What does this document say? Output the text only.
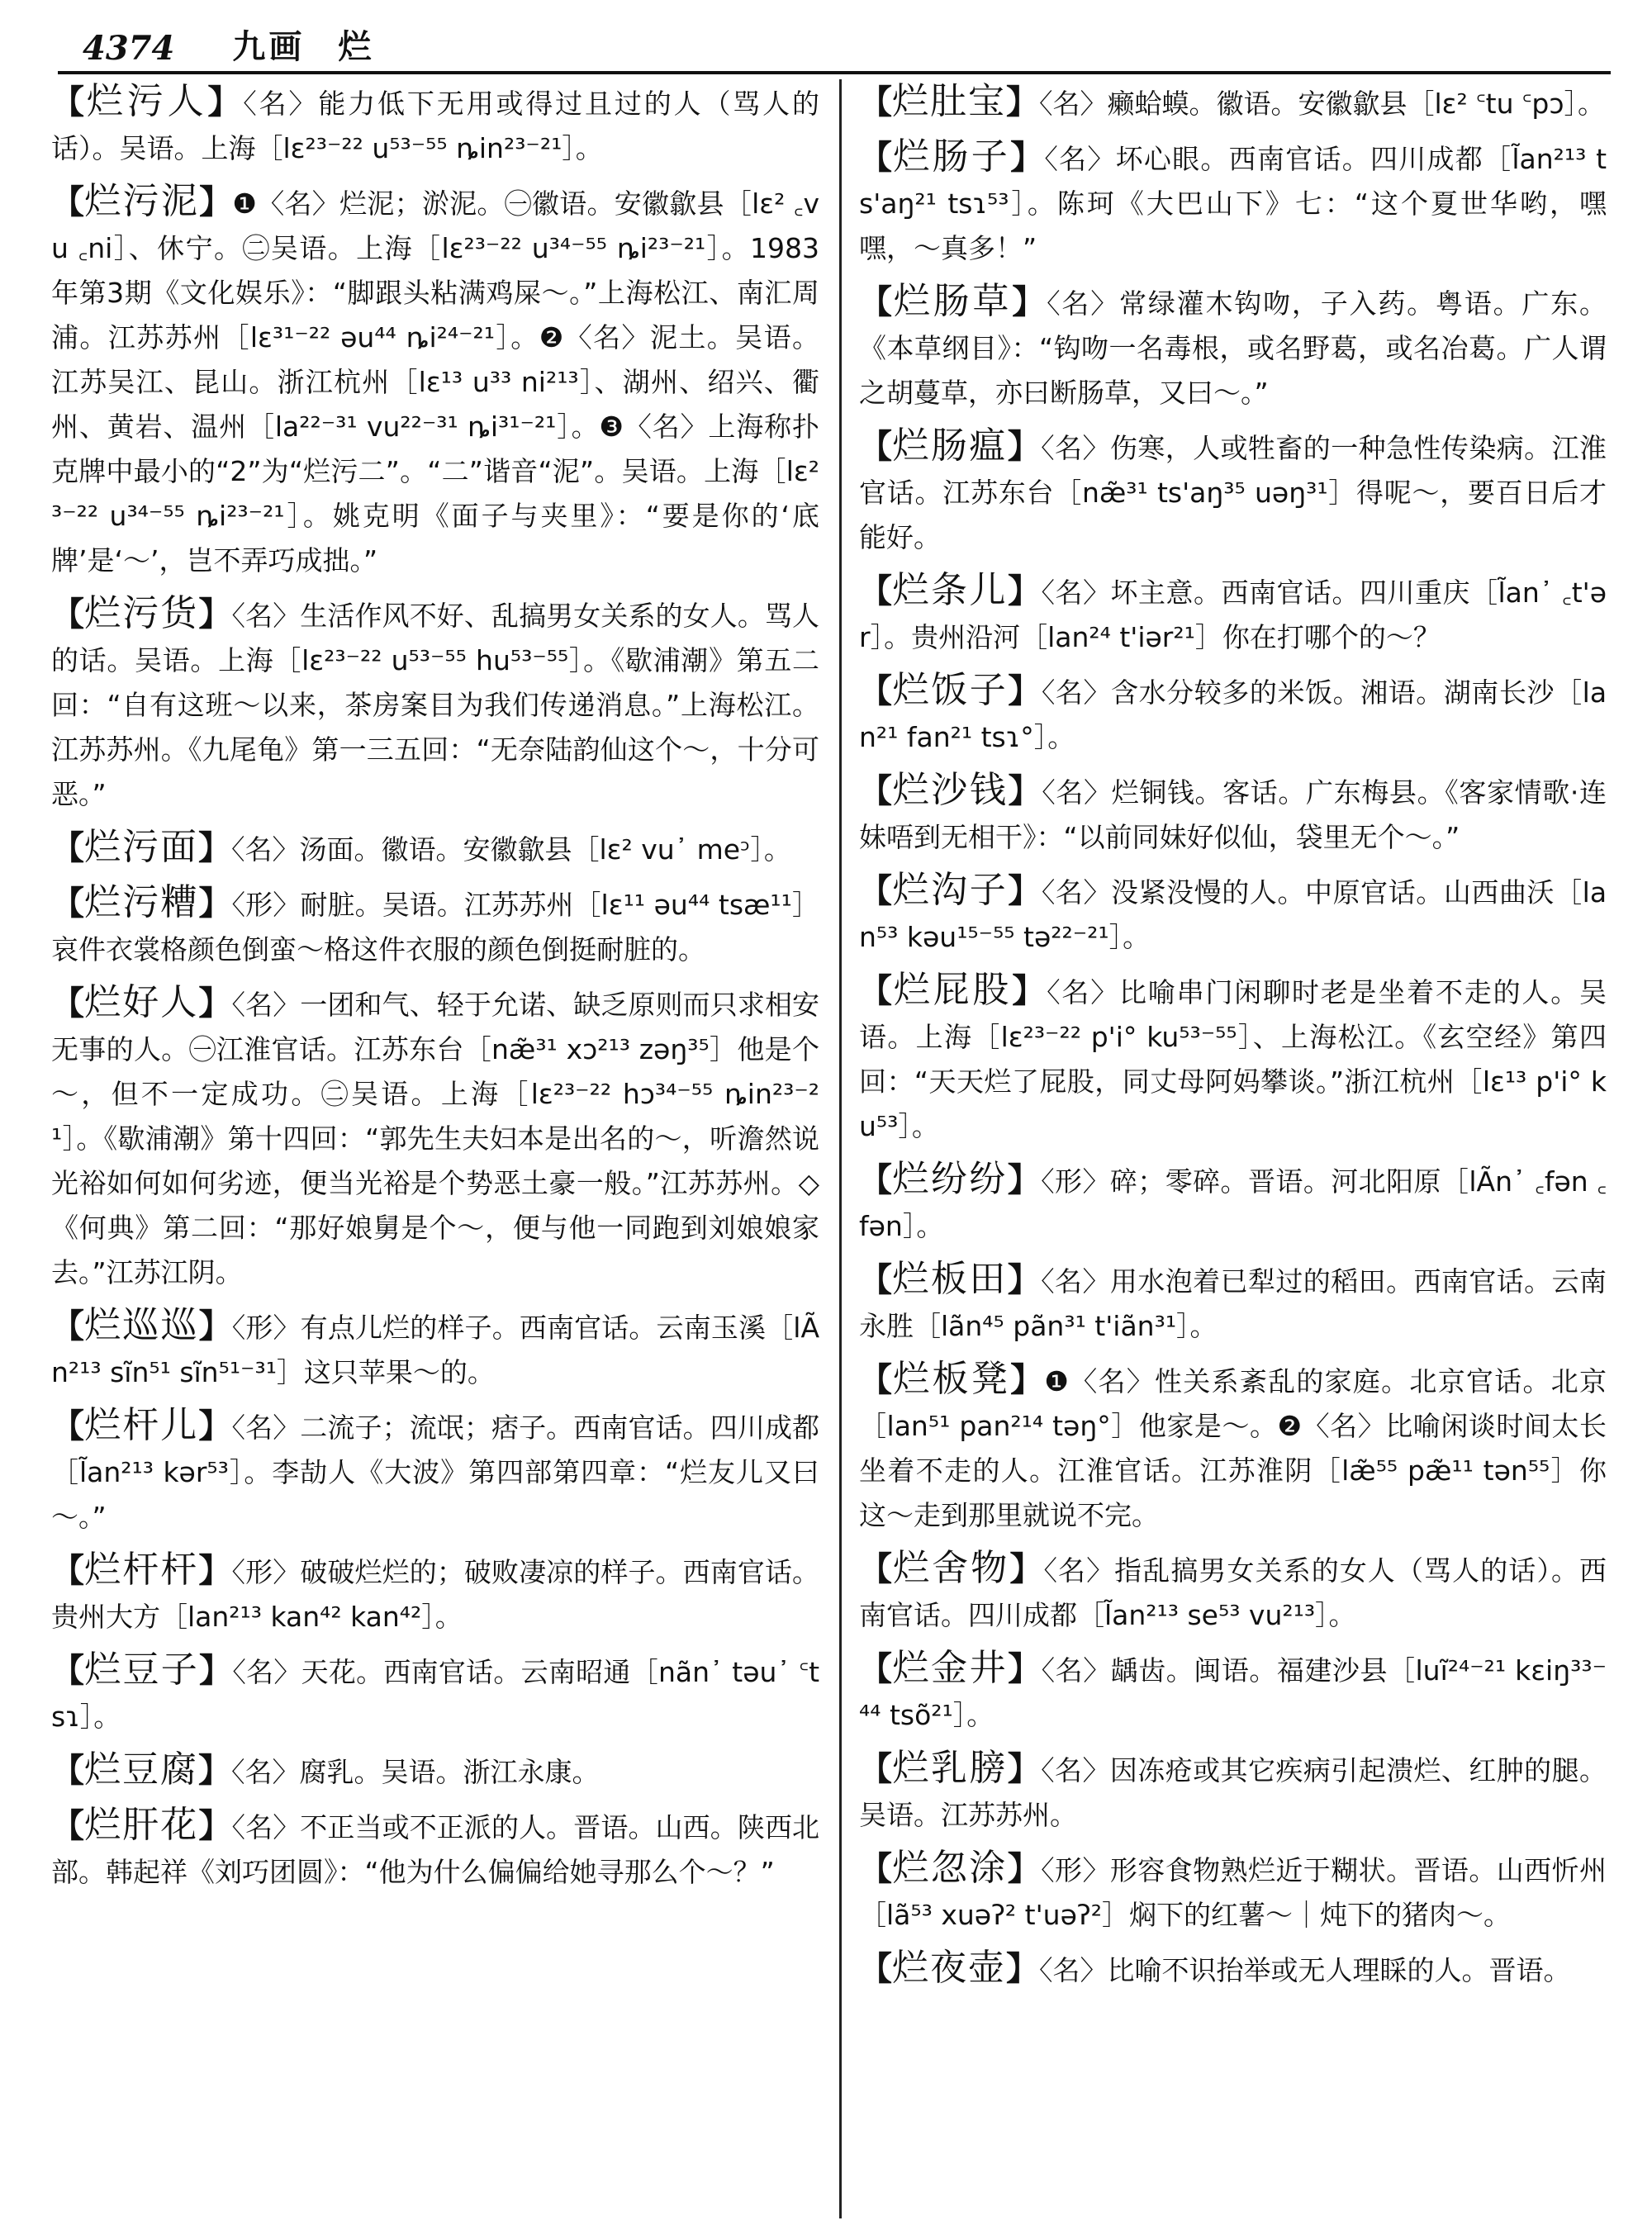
4374 九画 烂
【烂污人】〈名〉能力低下无用或得过且过的人（骂人的话）。吴语。上海［lɛ²³⁻²² u⁵³⁻⁵⁵ ȵin²³⁻²¹］。
【烂污泥】❶〈名〉烂泥；淤泥。㊀徽语。安徽歙县［lɛ² ꜀vu ꜀ni］、休宁。㊁吴语。上海［lɛ²³⁻²² u³⁴⁻⁵⁵ ȵi²³⁻²¹］。1983年第3期《文化娱乐》：“脚跟头粘满鸡屎～。”上海松江、南汇周浦。江苏苏州［lɛ³¹⁻²² əu⁴⁴ ȵi²⁴⁻²¹］。❷〈名〉泥土。吴语。江苏吴江、昆山。浙江杭州［lɛ¹³ u³³ ni²¹³］、湖州、绍兴、衢州、黄岩、温州［la²²⁻³¹ vu²²⁻³¹ ȵi³¹⁻²¹］。❸〈名〉上海称扑克牌中最小的“2”为“烂污二”。“二”谐音“泥”。吴语。上海［lɛ²³⁻²² u³⁴⁻⁵⁵ ȵi²³⁻²¹］。姚克明《面子与夹里》：“要是你的‘底牌’是‘～’，岂不弄巧成拙。”
【烂污货】〈名〉生活作风不好、乱搞男女关系的女人。骂人的话。吴语。上海［lɛ²³⁻²² u⁵³⁻⁵⁵ hu⁵³⁻⁵⁵］。《歇浦潮》第五二回：“自有这班～以来，茶房案目为我们传递消息。”上海松江。江苏苏州。《九尾龟》第一三五回：“无奈陆韵仙这个～，十分可恶。”
【烂污面】〈名〉汤面。徽语。安徽歙县［lɛ² vu᾽ meᵓ］。
【烂污糟】〈形〉耐脏。吴语。江苏苏州［lɛ¹¹ əu⁴⁴ tsæ¹¹］哀件衣裳格颜色倒蛮～格这件衣服的颜色倒挺耐脏的。
【烂好人】〈名〉一团和气、轻于允诺、缺乏原则而只求相安无事的人。㊀江淮官话。江苏东台［næ̃³¹ xɔ²¹³ zəŋ³⁵］他是个～，但不一定成功。㊁吴语。上海［lɛ²³⁻²² hɔ³⁴⁻⁵⁵ ȵin²³⁻²¹］。《歇浦潮》第十四回：“郭先生夫妇本是出名的～，听澹然说光裕如何如何劣迹，便当光裕是个势恶土豪一般。”江苏苏州。◇《何典》第二回：“那好娘舅是个～，便与他一同跑到刘娘娘家去。”江苏江阴。
【烂巡巡】〈形〉有点儿烂的样子。西南官话。云南玉溪［lÃn²¹³ sĩn⁵¹ sĩn⁵¹⁻³¹］这只苹果～的。
【烂杆儿】〈名〉二流子；流氓；痞子。西南官话。四川成都［l̃an²¹³ kər⁵³］。李劼人《大波》第四部第四章：“烂友儿又曰～。”
【烂杆杆】〈形〉破破烂烂的；破败凄凉的样子。西南官话。贵州大方［lan²¹³ kan⁴² kan⁴²］。
【烂豆子】〈名〉天花。西南官话。云南昭通［nãn᾽ təu᾽ ꜂tsɿ］。
【烂豆腐】〈名〉腐乳。吴语。浙江永康。
【烂肝花】〈名〉不正当或不正派的人。晋语。山西。陕西北部。韩起祥《刘巧团圆》：“他为什么偏偏给她寻那么个～？”
【烂肚宝】〈名〉癞蛤蟆。徽语。安徽歙县［lɛ² ꜂tu ꜂pɔ］。
【烂肠子】〈名〉坏心眼。西南官话。四川成都［l̃an²¹³ ts'aŋ²¹ tsɿ⁵³］。陈珂《大巴山下》七：“这个夏世华哟，嘿嘿，～真多！”
【烂肠草】〈名〉常绿灌木钩吻，子入药。粤语。广东。《本草纲目》：“钩吻一名毒根，或名野葛，或名冶葛。广人谓之胡蔓草，亦曰断肠草，又曰～。”
【烂肠瘟】〈名〉伤寒，人或牲畜的一种急性传染病。江淮官话。江苏东台［næ̃³¹ ts'aŋ³⁵ uəŋ³¹］得呢～，要百日后才能好。
【烂条儿】〈名〉坏主意。西南官话。四川重庆［l̃an᾽ ꜀t'ər］。贵州沿河［lan²⁴ t'iər²¹］你在打哪个的～？
【烂饭子】〈名〉含水分较多的米饭。湘语。湖南长沙［lan²¹ fan²¹ tsɿ°］。
【烂沙钱】〈名〉烂铜钱。客话。广东梅县。《客家情歌·连妹唔到无相干》：“以前同妹好似仙，袋里无个～。”
【烂沟子】〈名〉没紧没慢的人。中原官话。山西曲沃［lan⁵³ kəu¹⁵⁻⁵⁵ tə²²⁻²¹］。
【烂屁股】〈名〉比喻串门闲聊时老是坐着不走的人。吴语。上海［lɛ²³⁻²² p'i° ku⁵³⁻⁵⁵］、上海松江。《玄空经》第四回：“天天烂了屁股，同丈母阿妈攀谈。”浙江杭州［lɛ¹³ p'i° ku⁵³］。
【烂纷纷】〈形〉碎；零碎。晋语。河北阳原［lÃn᾽ ꜀fən ꜀fən］。
【烂板田】〈名〉用水泡着已犁过的稻田。西南官话。云南永胜［lãn⁴⁵ pãn³¹ t'iãn³¹］。
【烂板凳】❶〈名〉性关系紊乱的家庭。北京官话。北京［lan⁵¹ pan²¹⁴ təŋ°］他家是～。❷〈名〉比喻闲谈时间太长坐着不走的人。江淮官话。江苏淮阴［læ̃⁵⁵ pæ̃¹¹ tən⁵⁵］你这～走到那里就说不完。
【烂舍物】〈名〉指乱搞男女关系的女人（骂人的话）。西南官话。四川成都［l̃an²¹³ se⁵³ vu²¹³］。
【烂金井】〈名〉龋齿。闽语。福建沙县［luĩ²⁴⁻²¹ kɛiŋ³³⁻⁴⁴ tsõ²¹］。
【烂乳膀】〈名〉因冻疮或其它疾病引起溃烂、红肿的腿。吴语。江苏苏州。
【烂忽涂】〈形〉形容食物熟烂近于糊状。晋语。山西忻州［lã⁵³ xuəʔ² t'uəʔ²］焖下的红薯～｜炖下的猪肉～。
【烂夜壶】〈名〉比喻不识抬举或无人理睬的人。晋语。
